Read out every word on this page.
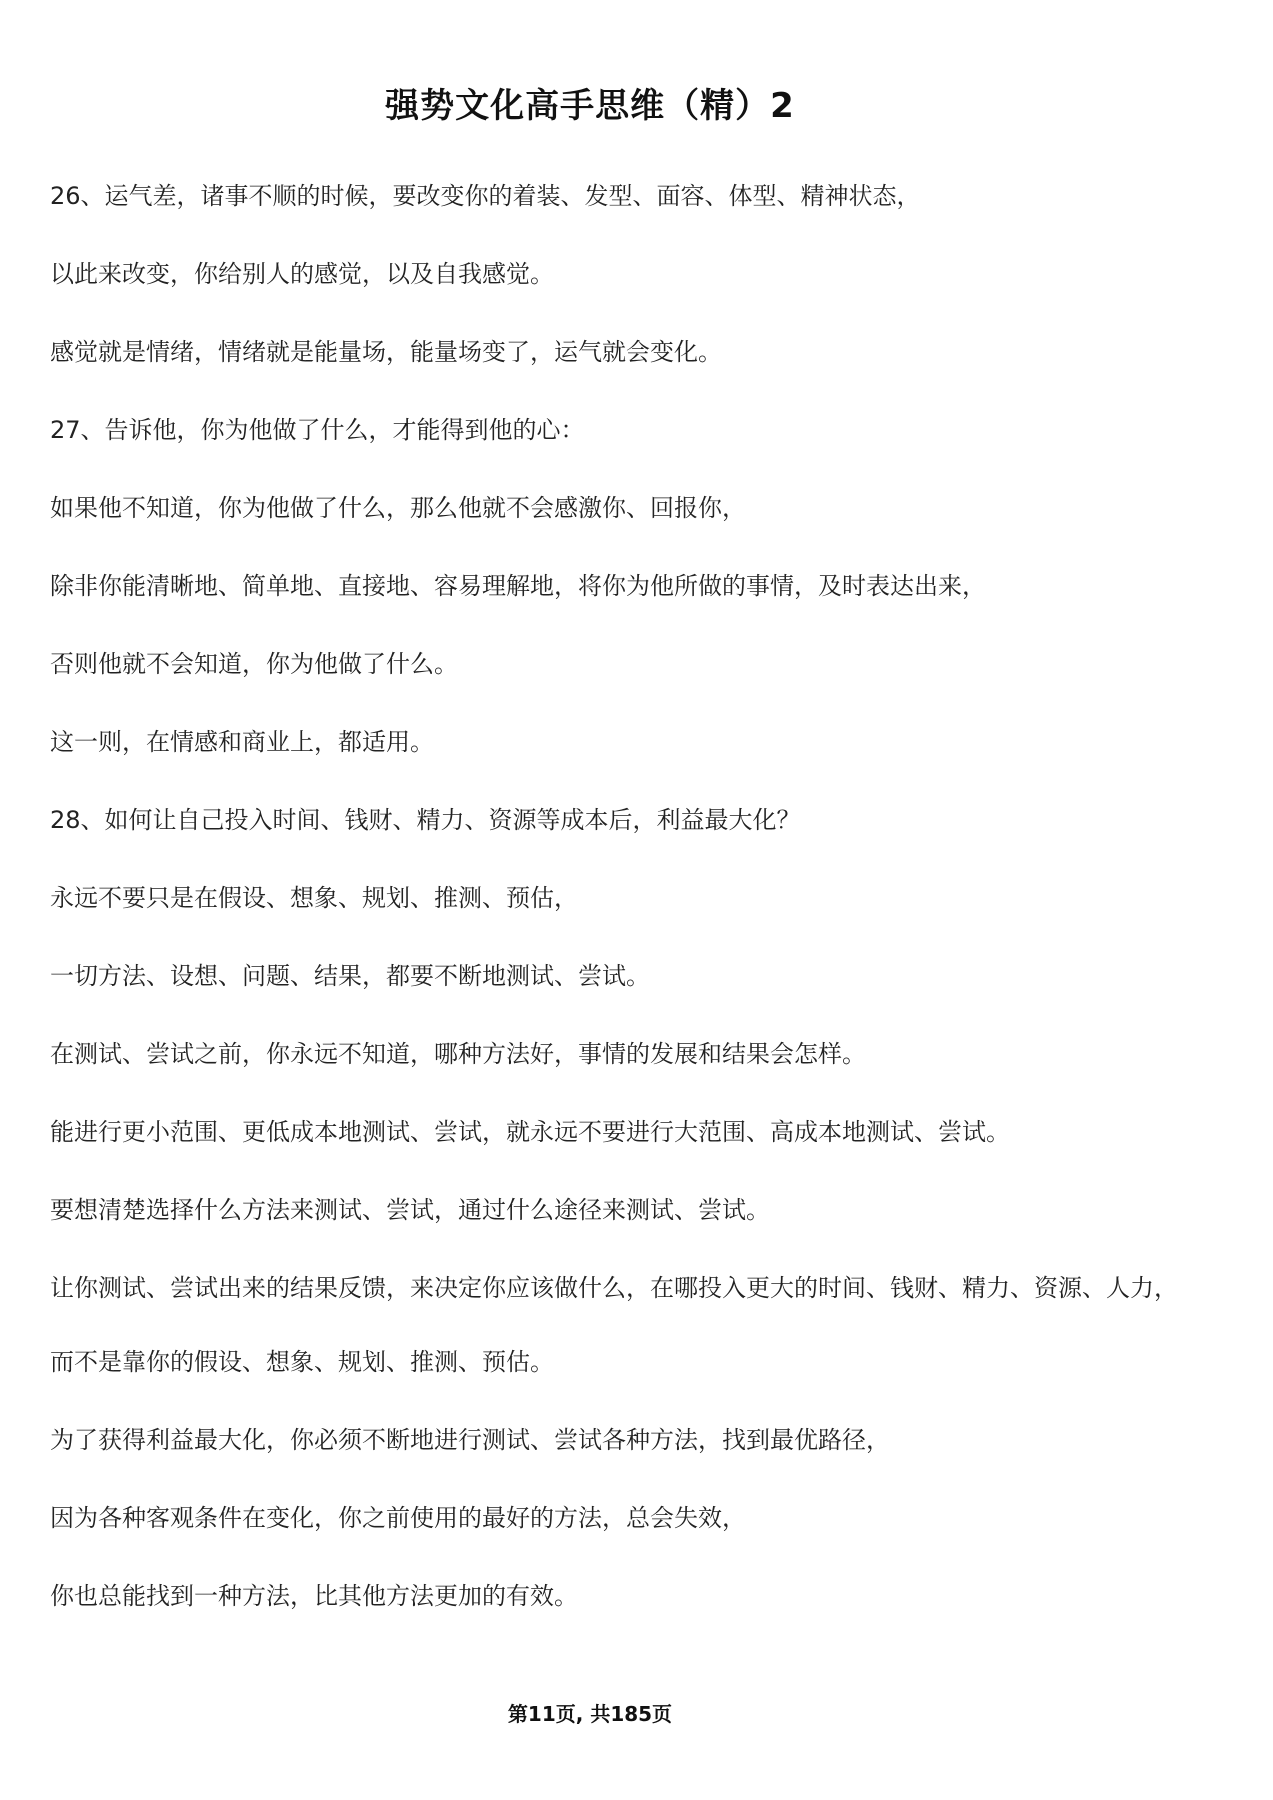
强势文化高手思维（精）2

26、运气差，诸事不顺的时候，要改变你的着装、发型、面容、体型、精神状态，

以此来改变，你给别人的感觉，以及自我感觉。

感觉就是情绪，情绪就是能量场，能量场变了，运气就会变化。

27、告诉他，你为他做了什么，才能得到他的心：

如果他不知道，你为他做了什么，那么他就不会感激你、回报你，

除非你能清晰地、简单地、直接地、容易理解地，将你为他所做的事情，及时表达出来，

否则他就不会知道，你为他做了什么。

这一则，在情感和商业上，都适用。

28、如何让自己投入时间、钱财、精力、资源等成本后，利益最大化？

永远不要只是在假设、想象、规划、推测、预估，

一切方法、设想、问题、结果，都要不断地测试、尝试。

在测试、尝试之前，你永远不知道，哪种方法好，事情的发展和结果会怎样。

能进行更小范围、更低成本地测试、尝试，就永远不要进行大范围、高成本地测试、尝试。

要想清楚选择什么方法来测试、尝试，通过什么途径来测试、尝试。

让你测试、尝试出来的结果反馈，来决定你应该做什么，在哪投入更大的时间、钱财、精力、资源、人力，

而不是靠你的假设、想象、规划、推测、预估。

为了获得利益最大化，你必须不断地进行测试、尝试各种方法，找到最优路径，

因为各种客观条件在变化，你之前使用的最好的方法，总会失效，

你也总能找到一种方法，比其他方法更加的有效。

第11页, 共185页
